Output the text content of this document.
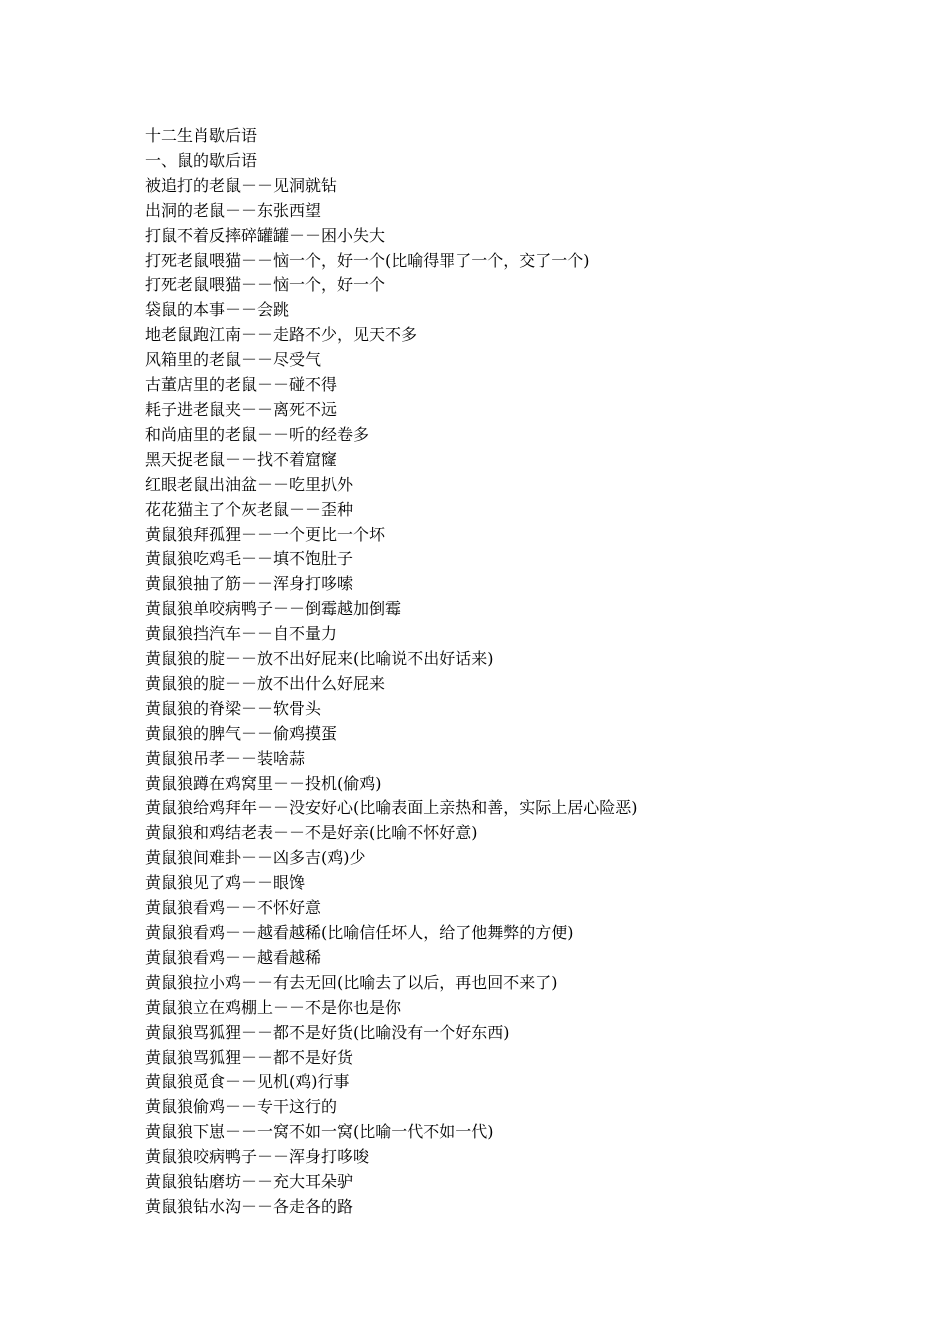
十二生肖歇后语

一、鼠的歇后语

被追打的老鼠－－见洞就钻

出洞的老鼠－－东张西望

打鼠不着反摔碎罐罐－－困小失大

打死老鼠喂猫－－恼一个，好一个(比喻得罪了一个，交了一个)

打死老鼠喂猫－－恼一个，好一个

袋鼠的本事－－会跳

地老鼠跑江南－－走路不少，见天不多

风箱里的老鼠－－尽受气

古董店里的老鼠－－碰不得

耗子进老鼠夹－－离死不远

和尚庙里的老鼠－－听的经卷多

黑天捉老鼠－－找不着窟窿

红眼老鼠出油盆－－吃里扒外

花花猫主了个灰老鼠－－歪种

黄鼠狼拜孤狸－－一个更比一个坏

黄鼠狼吃鸡毛－－填不饱肚子

黄鼠狼抽了筋－－浑身打哆嗦

黄鼠狼单咬病鸭子－－倒霉越加倒霉

黄鼠狼挡汽车－－自不量力

黄鼠狼的腚－－放不出好屁来(比喻说不出好话来)

黄鼠狼的腚－－放不出什么好屁来

黄鼠狼的脊梁－－软骨头

黄鼠狼的脾气－－偷鸡摸蛋

黄鼠狼吊孝－－装啥蒜

黄鼠狼蹲在鸡窝里－－投机(偷鸡)

黄鼠狼给鸡拜年－－没安好心(比喻表面上亲热和善，实际上居心险恶)

黄鼠狼和鸡结老表－－不是好亲(比喻不怀好意)

黄鼠狼间难卦－－凶多吉(鸡)少

黄鼠狼见了鸡－－眼馋

黄鼠狼看鸡－－不怀好意

黄鼠狼看鸡－－越看越稀(比喻信任坏人，给了他舞弊的方便)

黄鼠狼看鸡－－越看越稀

黄鼠狼拉小鸡－－有去无回(比喻去了以后，再也回不来了)

黄鼠狼立在鸡棚上－－不是你也是你

黄鼠狼骂狐狸－－都不是好货(比喻没有一个好东西)

黄鼠狼骂狐狸－－都不是好货

黄鼠狼觅食－－见机(鸡)行事

黄鼠狼偷鸡－－专干这行的

黄鼠狼下崽－－一窝不如一窝(比喻一代不如一代)

黄鼠狼咬病鸭子－－浑身打哆唆

黄鼠狼钻磨坊－－充大耳朵驴

黄鼠狼钻水沟－－各走各的路
